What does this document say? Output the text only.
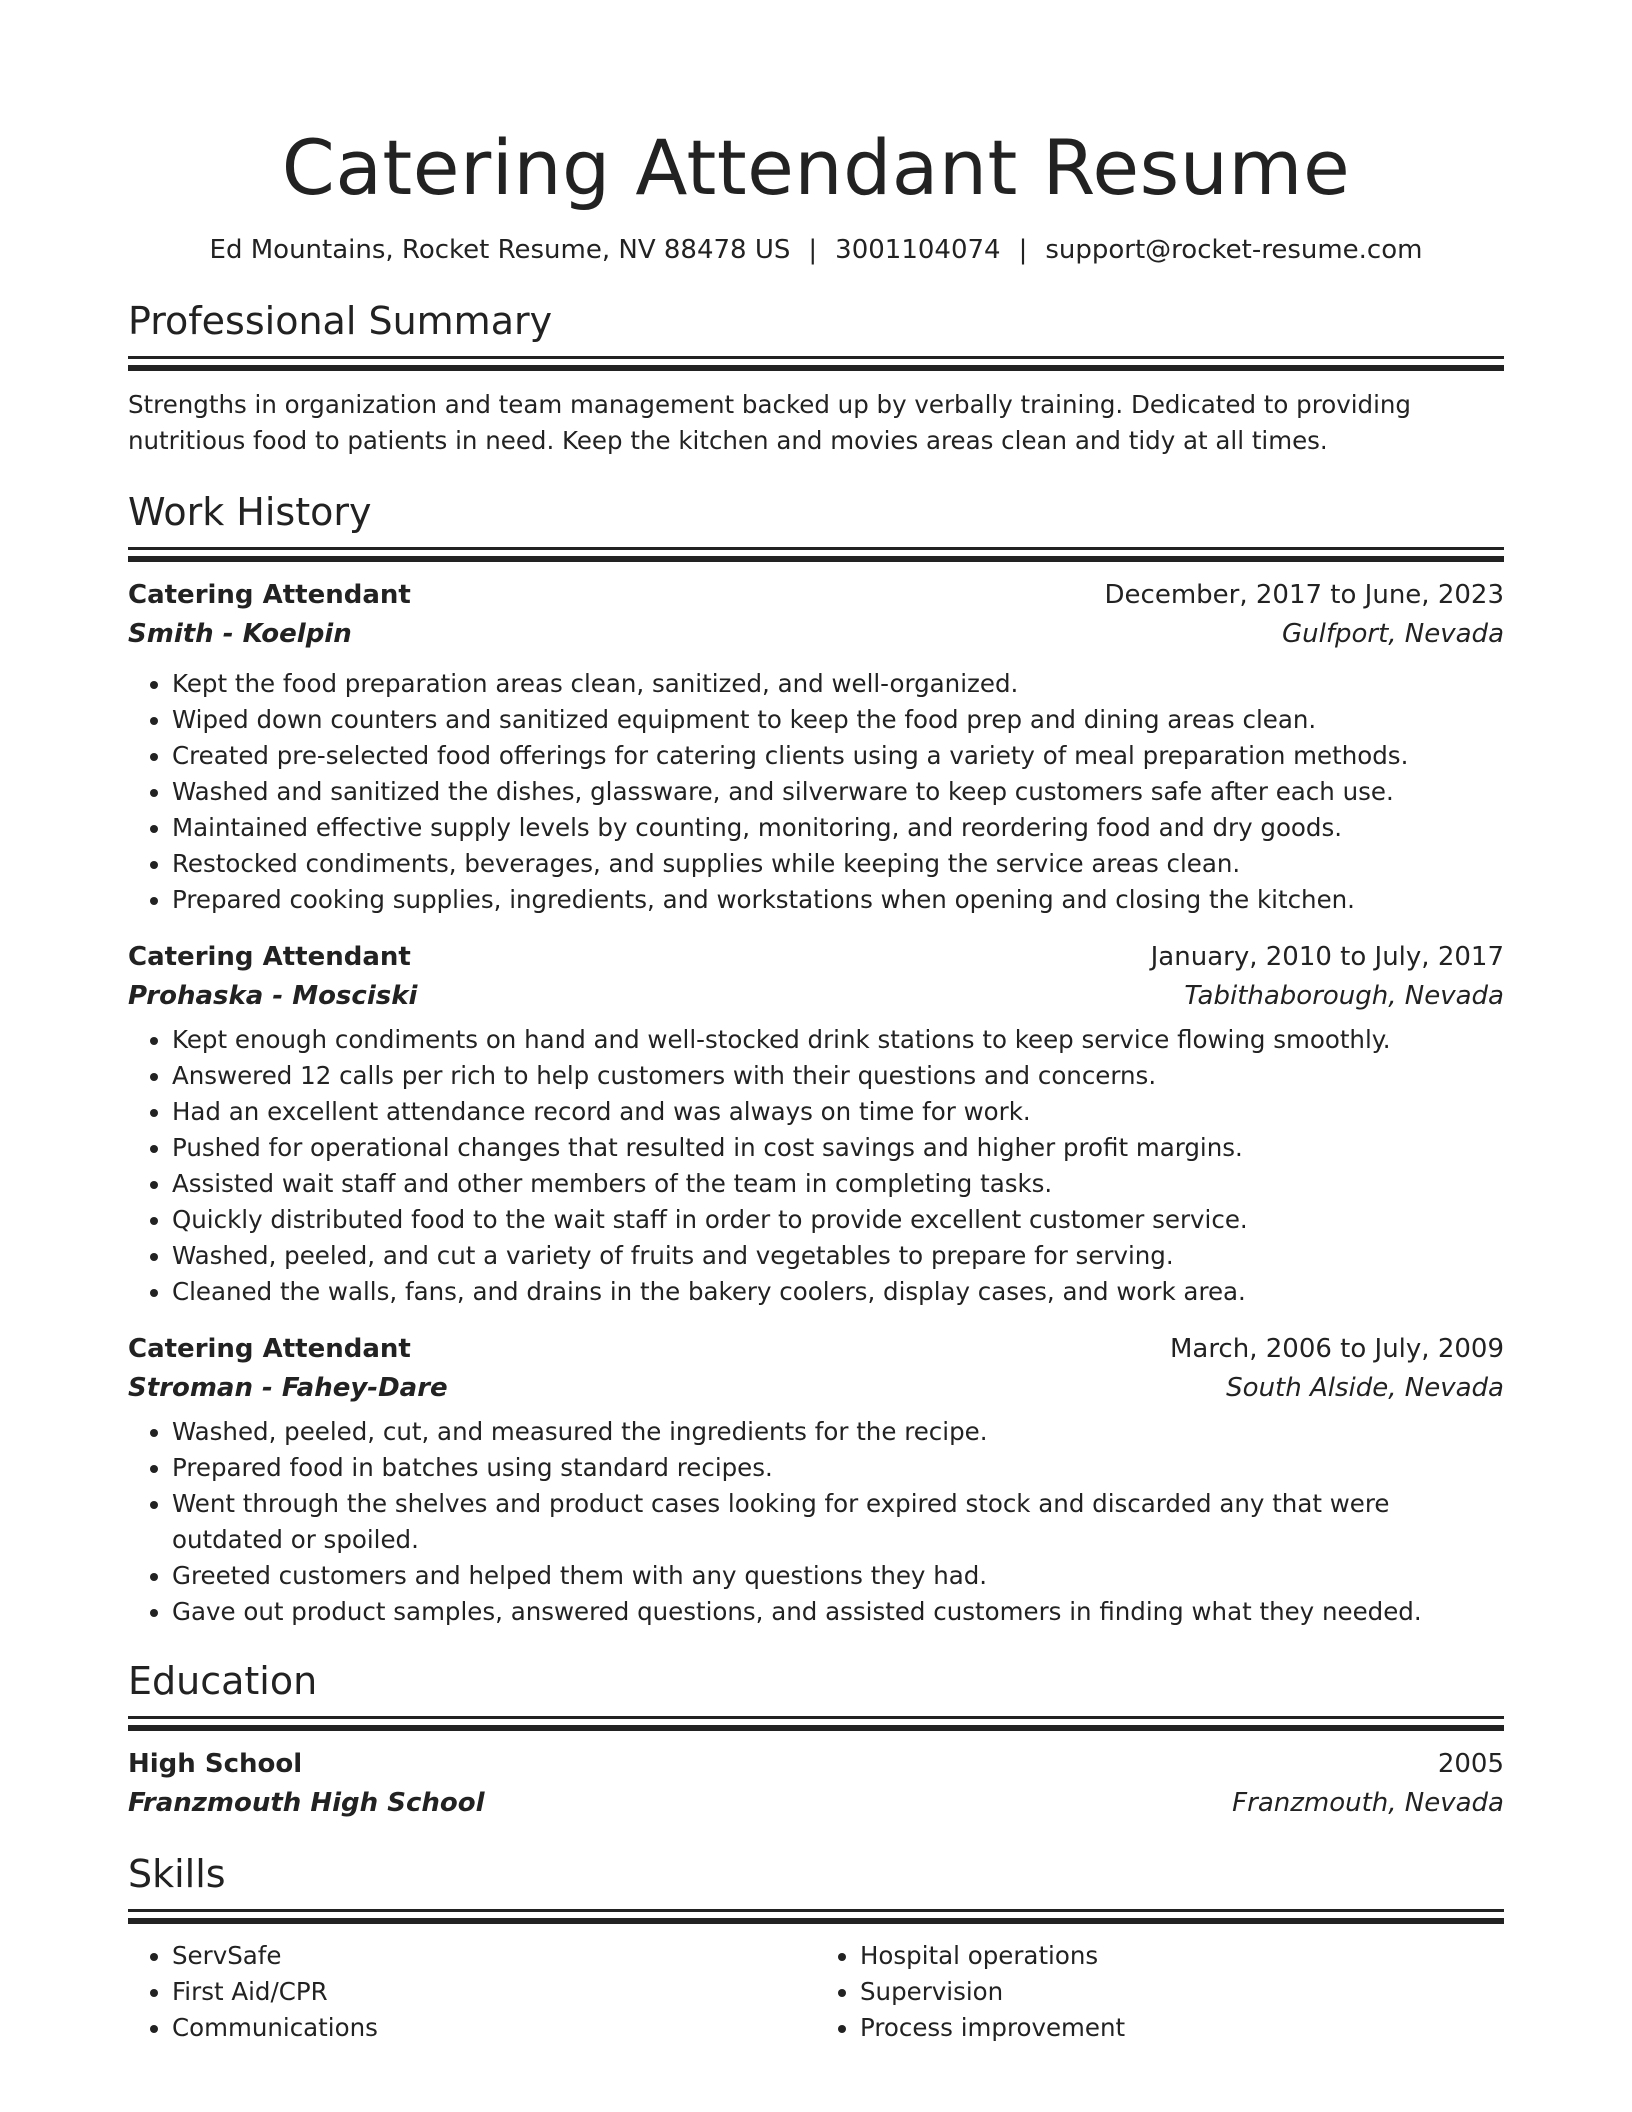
Catering Attendant Resume
Ed Mountains, Rocket Resume, NV 88478 US | 3001104074 | support@rocket-resume.com
Professional Summary

Strengths in organization and team management backed up by verbally training. Dedicated to providing nutritious food to patients in need. Keep the kitchen and movies areas clean and tidy at all times.

Work History
Catering Attendant	December, 2017 to June, 2023
Smith - Koelpin	Gulfport, Nevada
• Kept the food preparation areas clean, sanitized, and well-organized.
• Wiped down counters and sanitized equipment to keep the food prep and dining areas clean.
• Created pre-selected food offerings for catering clients using a variety of meal preparation methods.
• Washed and sanitized the dishes, glassware, and silverware to keep customers safe after each use.
• Maintained effective supply levels by counting, monitoring, and reordering food and dry goods.
• Restocked condiments, beverages, and supplies while keeping the service areas clean.
• Prepared cooking supplies, ingredients, and workstations when opening and closing the kitchen.
Catering Attendant	January, 2010 to July, 2017
Prohaska - Mosciski	Tabithaborough, Nevada
• Kept enough condiments on hand and well-stocked drink stations to keep service flowing smoothly.
• Answered 12 calls per rich to help customers with their questions and concerns.
• Had an excellent attendance record and was always on time for work.
• Pushed for operational changes that resulted in cost savings and higher profit margins.
• Assisted wait staff and other members of the team in completing tasks.
• Quickly distributed food to the wait staff in order to provide excellent customer service.
• Washed, peeled, and cut a variety of fruits and vegetables to prepare for serving.
• Cleaned the walls, fans, and drains in the bakery coolers, display cases, and work area.
Catering Attendant	March, 2006 to July, 2009
Stroman - Fahey-Dare	South Alside, Nevada
• Washed, peeled, cut, and measured the ingredients for the recipe.
• Prepared food in batches using standard recipes.
• Went through the shelves and product cases looking for expired stock and discarded any that were outdated or spoiled.
• Greeted customers and helped them with any questions they had.
• Gave out product samples, answered questions, and assisted customers in finding what they needed.
Education
High School	2005
Franzmouth High School	Franzmouth, Nevada
Skills
• ServSafe
• First Aid/CPR
• Communications
• Hospital operations
• Supervision
• Process improvement
